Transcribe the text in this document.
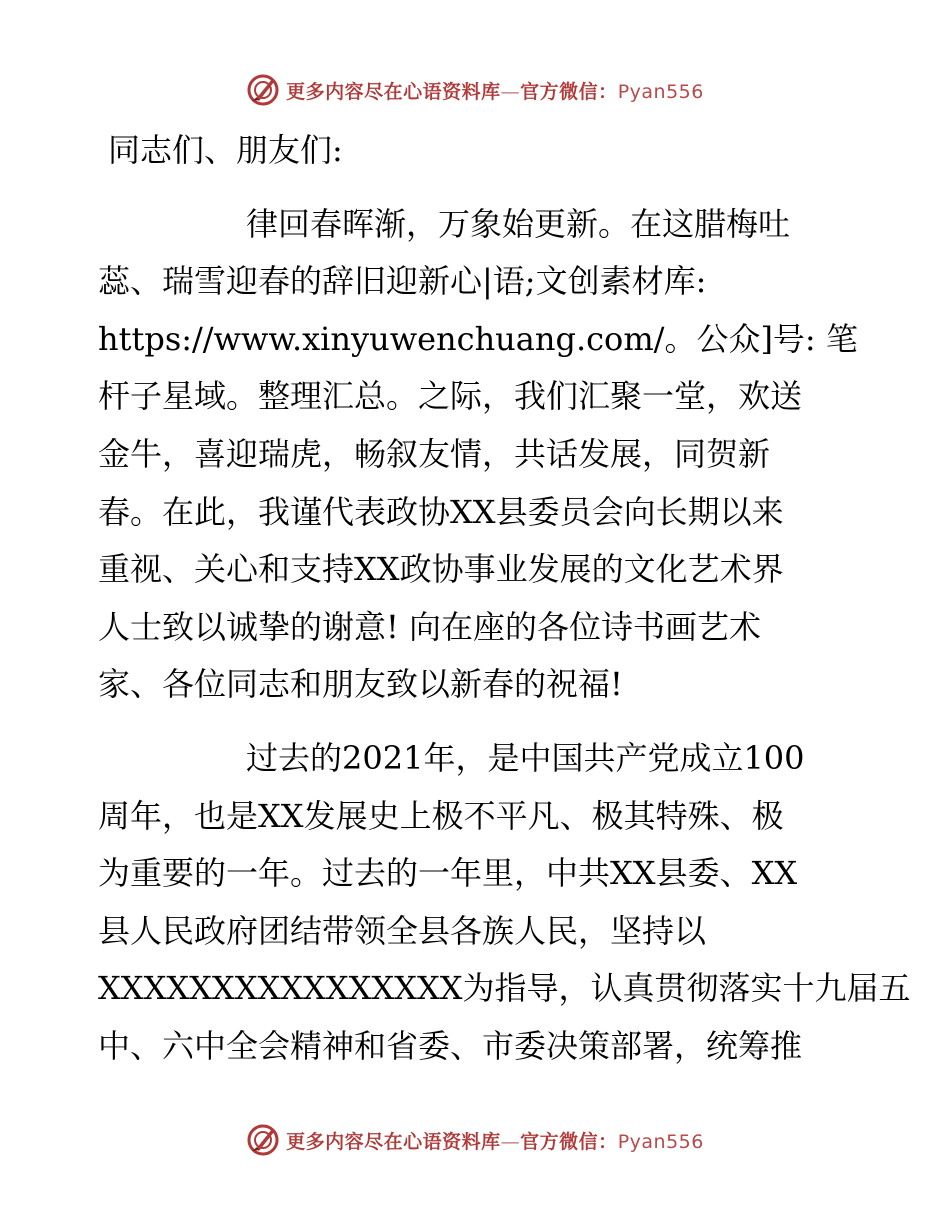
更多内容尽在心语资料库—官方微信：Pyan556
同志们、朋友们:
律回春晖渐，万象始更新。在这腊梅吐
蕊、瑞雪迎春的辞旧迎新心|语;文创素材库:
https://www.xinyuwenchuang.com/。公众]号: 笔
杆子星域。整理汇总。之际，我们汇聚一堂，欢送
金牛，喜迎瑞虎，畅叙友情，共话发展，同贺新
春。在此，我谨代表政协XX县委员会向长期以来
重视、关心和支持XX政协事业发展的文化艺术界
人士致以诚挚的谢意! 向在座的各位诗书画艺术
家、各位同志和朋友致以新春的祝福!
过去的2021年，是中国共产党成立100
周年，也是XX发展史上极不平凡、极其特殊、极
为重要的一年。过去的一年里，中共XX县委、XX
县人民政府团结带领全县各族人民，坚持以
XXXXXXXXXXXXXXXX为指导，认真贯彻落实十九届五
中、六中全会精神和省委、市委决策部署，统筹推
更多内容尽在心语资料库—官方微信：Pyan556
